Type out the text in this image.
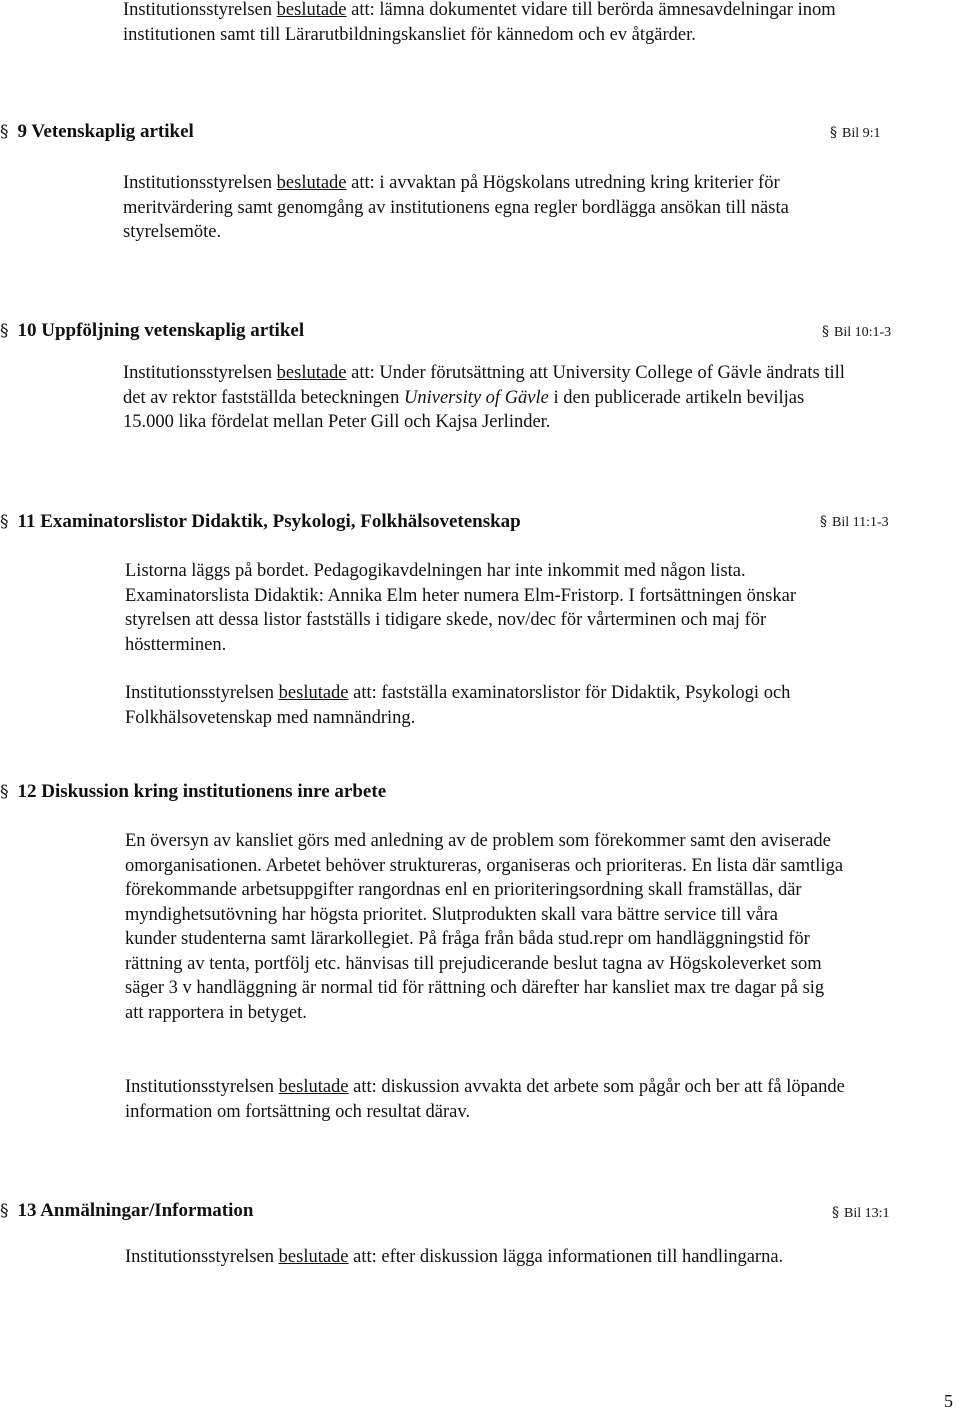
Institutionsstyrelsen beslutade att: lämna dokumentet vidare till berörda ämnesavdelningar inom
institutionen samt till Lärarutbildningskansliet för kännedom och ev åtgärder.
§ 9 Vetenskaplig artikel	§ Bil 9:1
Institutionsstyrelsen beslutade att: i avvaktan på Högskolans utredning kring kriterier för
meritvärdering samt genomgång av institutionens egna regler bordlägga ansökan till nästa
styrelsemöte.
§ 10 Uppföljning vetenskaplig artikel	§ Bil 10:1-3
Institutionsstyrelsen beslutade att: Under förutsättning att University College of Gävle ändrats till
det av rektor fastställda beteckningen University of Gävle i den publicerade artikeln beviljas
15.000 lika fördelat mellan Peter Gill och Kajsa Jerlinder.
§ 11 Examinatorslistor Didaktik, Psykologi, Folkhälsovetenskap	§ Bil 11:1-3
Listorna läggs på bordet. Pedagogikavdelningen har inte inkommit med någon lista.
Examinatorslista Didaktik: Annika Elm heter numera Elm-Fristorp. I fortsättningen önskar
styrelsen att dessa listor fastställs i tidigare skede, nov/dec för vårterminen och maj för
höstterminen.
Institutionsstyrelsen beslutade att: fastställa examinatorslistor för Didaktik, Psykologi och
Folkhälsovetenskap med namnändring.
§ 12 Diskussion kring institutionens inre arbete
En översyn av kansliet görs med anledning av de problem som förekommer samt den aviserade
omorganisationen. Arbetet behöver struktureras, organiseras och prioriteras. En lista där samtliga
förekommande arbetsuppgifter rangordnas enl en prioriteringsordning skall framställas, där
myndighetsutövning har högsta prioritet. Slutprodukten skall vara bättre service till våra
kunder studenterna samt lärarkollegiet. På fråga från båda stud.repr om handläggningstid för
rättning av tenta, portfölj etc. hänvisas till prejudicerande beslut tagna av Högskoleverket som
säger 3 v handläggning är normal tid för rättning och därefter har kansliet max tre dagar på sig
att rapportera in betyget.
Institutionsstyrelsen beslutade att: diskussion avvakta det arbete som pågår och ber att få löpande
information om fortsättning och resultat därav.
§ 13 Anmälningar/Information	§ Bil 13:1
Institutionsstyrelsen beslutade att: efter diskussion lägga informationen till handlingarna.
5
